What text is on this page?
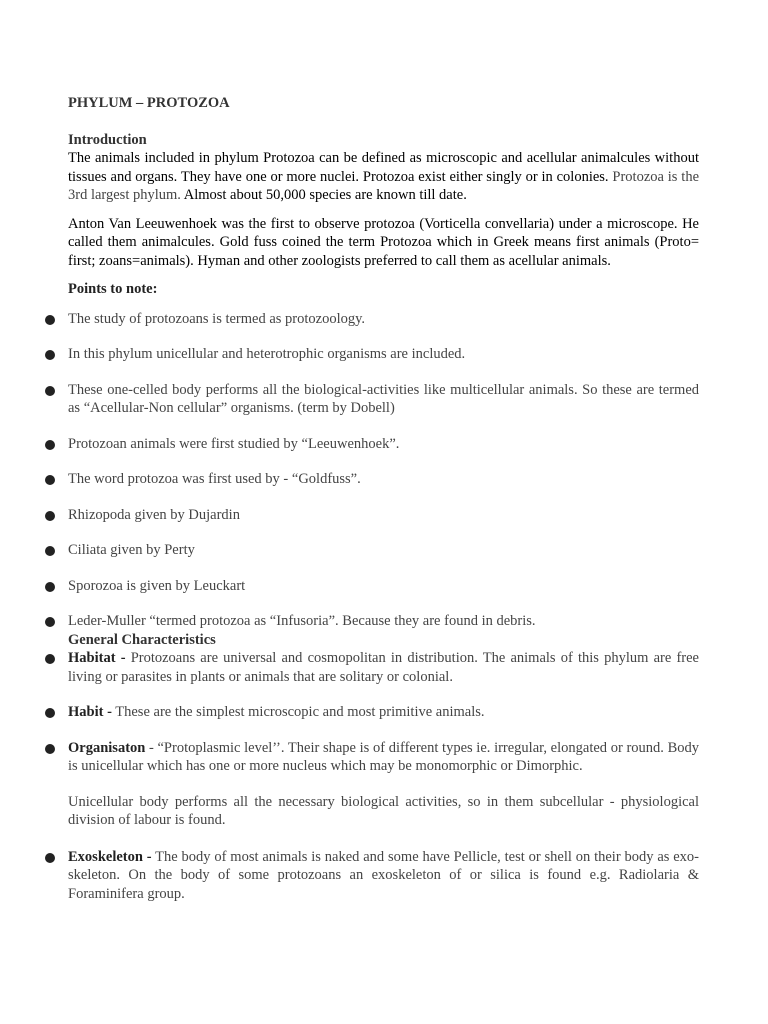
PHYLUM – PROTOZOA
Introduction

The animals included in phylum Protozoa can be defined as microscopic and acellular animalcules without tissues and organs. They have one or more nuclei. Protozoa exist either singly or in colonies. Protozoa is the 3rd largest phylum. Almost about 50,000 species are known till date.

Anton Van Leeuwenhoek was the first to observe protozoa (Vorticella convellaria) under a microscope. He called them animalcules. Gold fuss coined the term Protozoa which in Greek means first animals (Proto= first; zoans=animals). Hyman and other zoologists preferred to call them as acellular animals.

Points to note:
The study of protozoans is termed as protozoology.
In this phylum unicellular and heterotrophic organisms are included.
These one-celled body performs all the biological-activities like multicellular animals. So these are termed as “Acellular-Non cellular” organisms. (term by Dobell)
Protozoan animals were first studied by “Leeuwenhoek”.
The word protozoa was first used by - “Goldfuss”.
Rhizopoda given by Dujardin
Ciliata given by Perty
Sporozoa is given by Leuckart
Leder-Muller “termed protozoa as “Infusoria”. Because they are found in debris.
General Characteristics
Habitat - Protozoans are universal and cosmopolitan in distribution. The animals of this phylum are free living or parasites in plants or animals that are solitary or colonial.
Habit - These are the simplest microscopic and most primitive animals.
Organisaton - “Protoplasmic level’’. Their shape is of different types ie. irregular, elongated or round. Body is unicellular which has one or more nucleus which may be monomorphic or Dimorphic.
Unicellular body performs all the necessary biological activities, so in them subcellular - physiological division of labour is found.
Exoskeleton - The body of most animals is naked and some have Pellicle, test or shell on their body as exo-skeleton. On the body of some protozoans an exoskeleton of or silica is found e.g. Radiolaria & Foraminifera group.
